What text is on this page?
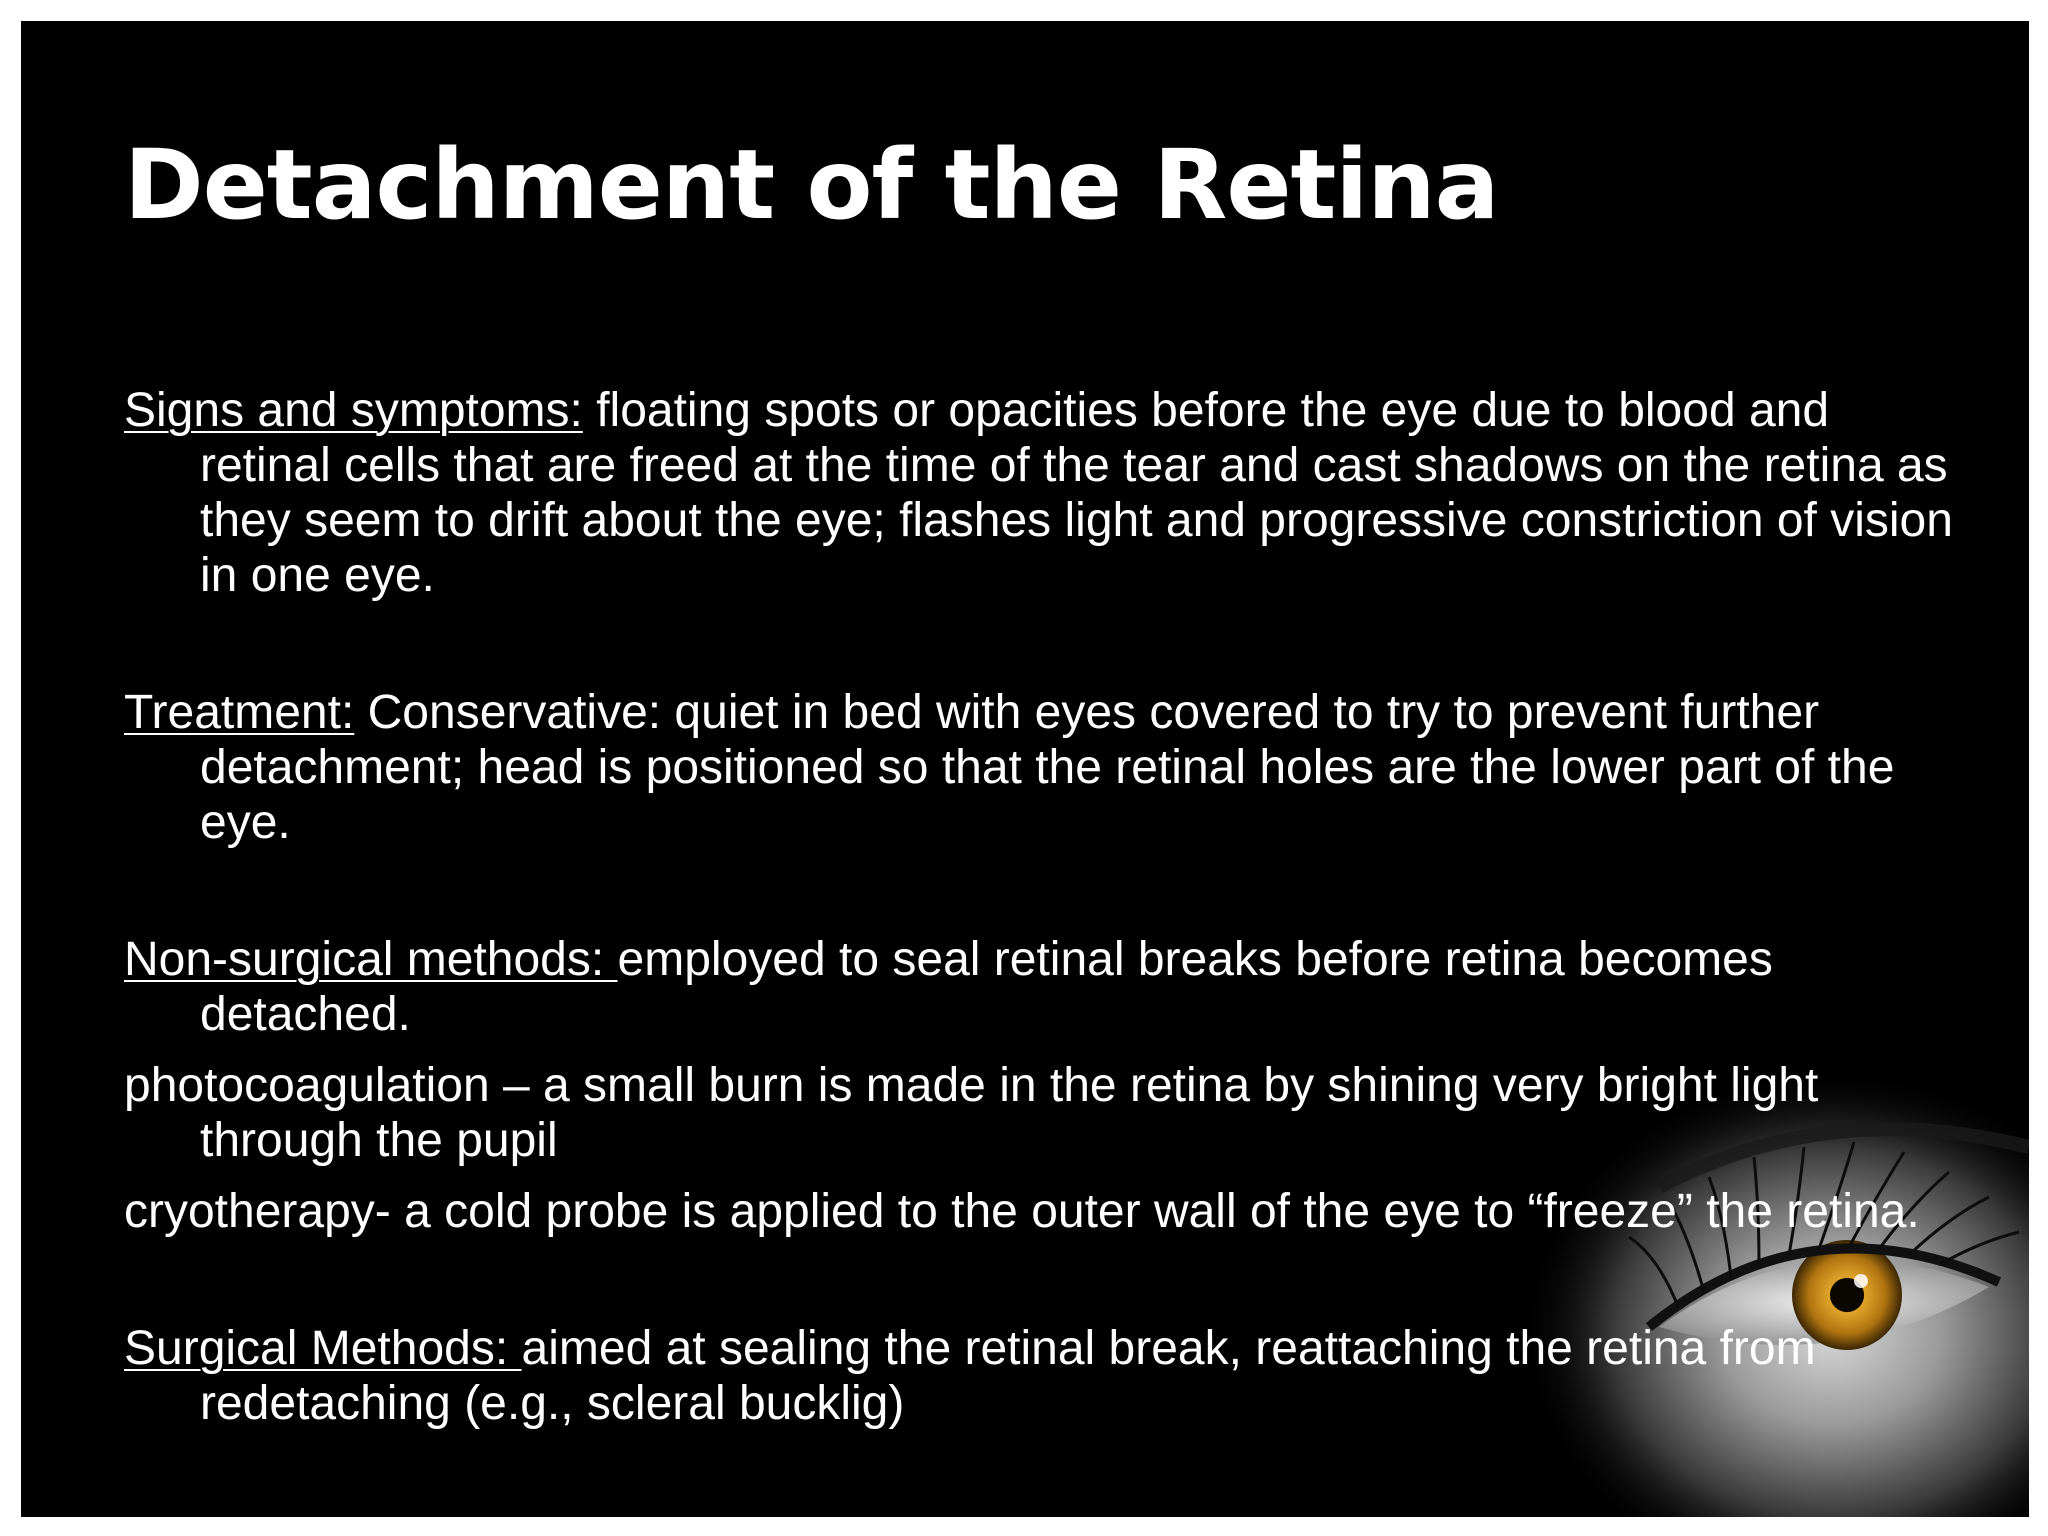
Detachment of the Retina

Signs and symptoms: floating spots or opacities before the eye due to blood and retinal cells that are freed at the time of the tear and cast shadows on the retina as they seem to drift about the eye; flashes light and progressive constriction of vision in one eye.

Treatment: Conservative: quiet in bed with eyes covered to try to prevent further detachment; head is positioned so that the retinal holes are the lower part of the eye.

Non-surgical methods: employed to seal retinal breaks before retina becomes detached.

photocoagulation – a small burn is made in the retina by shining very bright light through the pupil

cryotherapy- a cold probe is applied to the outer wall of the eye to “freeze” the retina.

Surgical Methods: aimed at sealing the retinal break, reattaching the retina from redetaching (e.g., scleral bucklig)
